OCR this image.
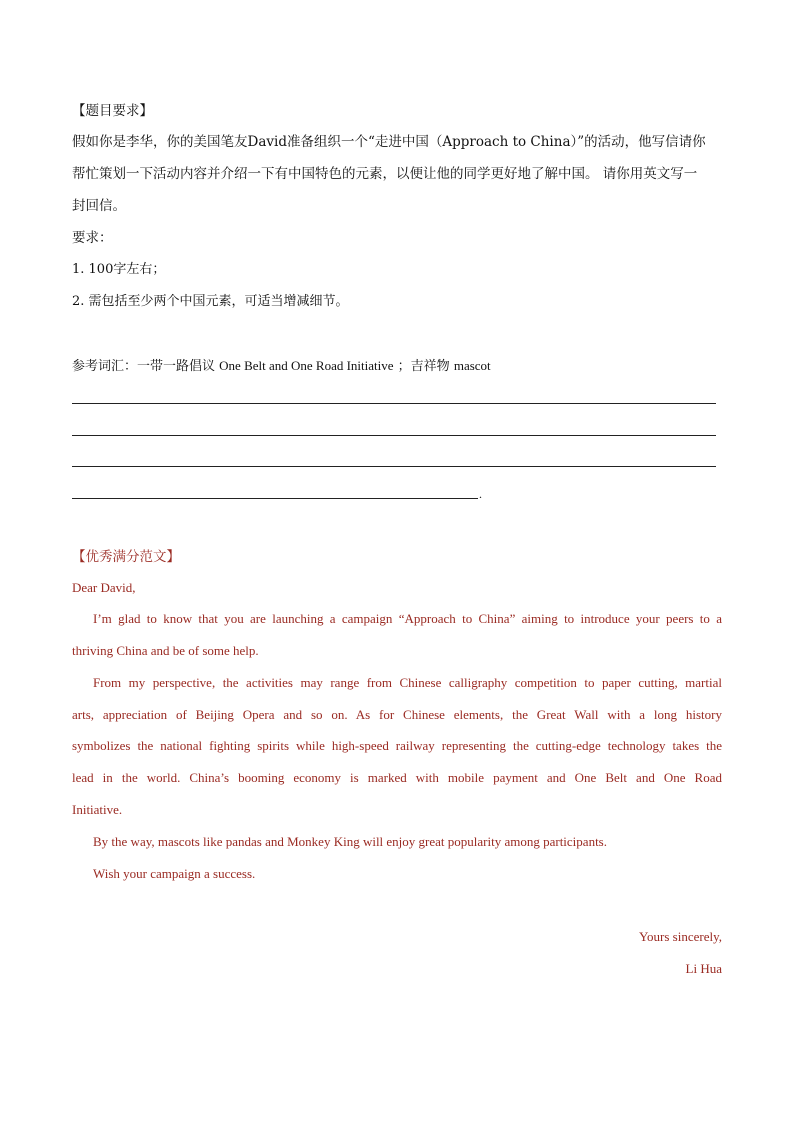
【题目要求】
假如你是李华，你的美国笔友David准备组织一个“走进中国（Approach to China）”的活动，他写信请你
帮忙策划一下活动内容并介绍一下有中国特色的元素，以便让他的同学更好地了解中国。 请你用英文写一
封回信。
要求：
1. 100字左右；
2. 需包括至少两个中国元素，可适当增减细节。
参考词汇：一带一路倡议 One Belt and One Road Initiative ；吉祥物 mascot
.
【优秀满分范文】
Dear David,
I’m glad to know that you are launching a campaign “Approach to China” aiming to introduce your peers to a
thriving China and be of some help.
From my perspective, the activities may range from Chinese calligraphy competition to paper cutting, martial
arts, appreciation of Beijing Opera and so on. As for Chinese elements, the Great Wall with a long history
symbolizes the national fighting spirits while high-speed railway representing the cutting-edge technology takes the
lead in the world. China’s booming economy is marked with mobile payment and One Belt and One Road
Initiative.
By the way, mascots like pandas and Monkey King will enjoy great popularity among participants.
Wish your campaign a success.
Yours sincerely,
Li Hua
